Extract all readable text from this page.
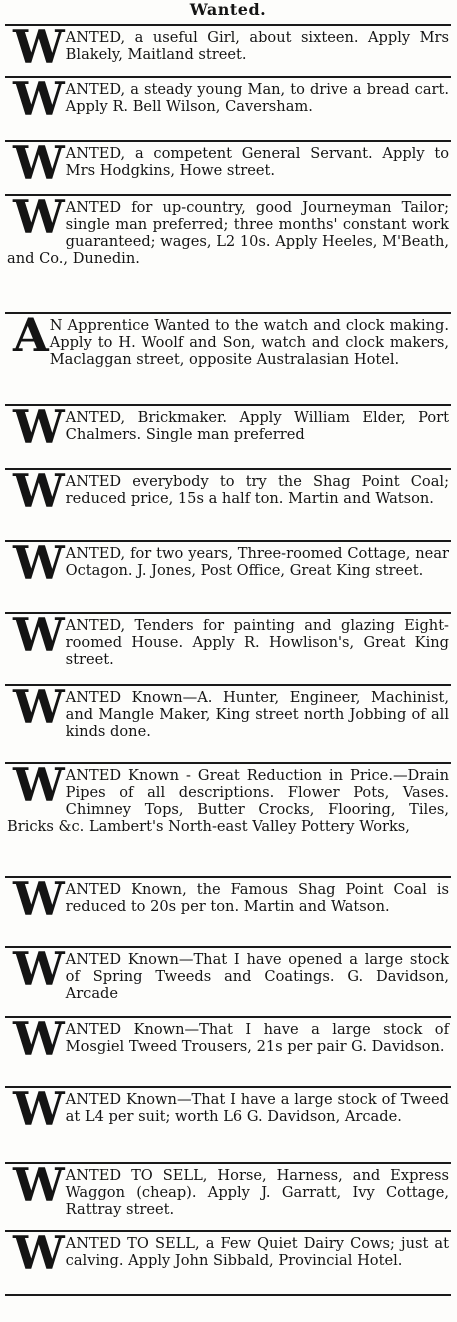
Wanted.
WANTED, a useful Girl, about sixteen. Apply Mrs Blakely, Maitland street.
WANTED, a steady young Man, to drive a bread cart. Apply R. Bell Wilson, Caversham.
WANTED, a competent General Servant. Apply to Mrs Hodgkins, Howe street.
WANTED for up-country, good Journeyman Tailor; single man preferred; three months' constant work guaranteed; wages, L2 10s. Apply Heeles, M'Beath, and Co., Dunedin.
A N Apprentice Wanted to the watch and clock making. Apply to H. Woolf and Son, watch and clock makers, Maclaggan street, opposite Australasian Hotel.
WANTED, Brickmaker. Apply William Elder, Port Chalmers. Single man preferred
WANTED everybody to try the Shag Point Coal; reduced price, 15s a half ton. Martin and Watson.
WANTED, for two years, Three-roomed Cottage, near Octagon. J. Jones, Post Office, Great King street.
WANTED, Tenders for painting and glazing Eight-roomed House. Apply R. Howlison's, Great King street.
WANTED Known—A. Hunter, Engineer, Machinist, and Mangle Maker, King street north Jobbing of all kinds done.
WANTED Known - Great Reduction in Price.—Drain Pipes of all descriptions. Flower Pots, Vases. Chimney Tops, Butter Crocks, Flooring, Tiles, Bricks &c. Lambert's North-east Valley Pottery Works,
WANTED Known, the Famous Shag Point Coal is reduced to 20s per ton. Martin and Watson.
WANTED Known—That I have opened a large stock of Spring Tweeds and Coatings. G. Davidson, Arcade
WANTED Known—That I have a large stock of Mosgiel Tweed Trousers, 21s per pair G. Davidson.
WANTED Known—That I have a large stock of Tweed at L4 per suit; worth L6 G. Davidson, Arcade.
WANTED TO SELL, Horse, Harness, and Express Waggon (cheap). Apply J. Garratt, Ivy Cottage, Rattray street.
WANTED TO SELL, a Few Quiet Dairy Cows; just at calving. Apply John Sibbald, Provincial Hotel.
